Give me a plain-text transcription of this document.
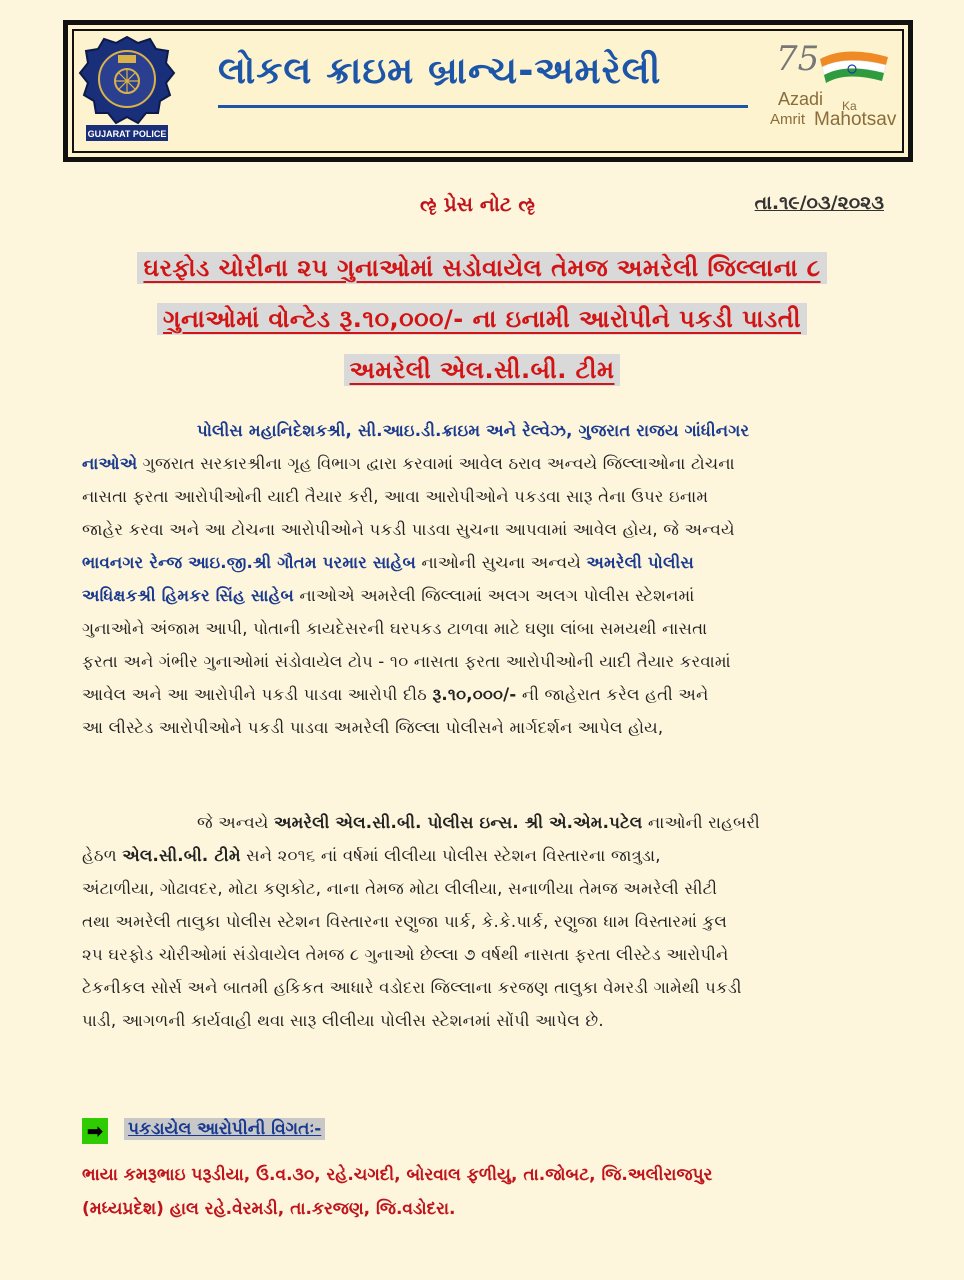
GUJARAT POLICE
લોકલ ક્રાઇમ બ્રાન્ચ-અમરેલી	75
Azadi Ka
Amrit Mahotsav
ૡ પ્રેસ નોટ ૡ	તા.૧૯/૦૩/૨૦૨૩
ઘરફોડ ચોરીના ૨૫ ગુનાઓમાં સડોવાયેલ તેમજ અમરેલી જિલ્લાના ૮
ગુનાઓમાં વોન્ટેડ રૂ.૧૦,૦૦૦/- ના ઇનામી આરોપીને પકડી પાડતી
અમરેલી એલ.સી.બી. ટીમ
પોલીસ મહાનિદેશકશ્રી, સી.આઇ.ડી.ક્રાઇમ અને રેલ્વેઝ, ગુજરાત રાજય ગાંધીનગર
નાઓએ ગુજરાત સરકારશ્રીના ગૃહ વિભાગ દ્વારા કરવામાં આવેલ ઠરાવ અન્વયે જિલ્લાઓના ટોચના
નાસતા ફરતા આરોપીઓની યાદી તૈયાર કરી, આવા આરોપીઓને પકડવા સારૂ તેના ઉપર ઇનામ
જાહેર કરવા અને આ ટોચના આરોપીઓને પકડી પાડવા સુચના આપવામાં આવેલ હોય, જે અન્વયે
ભાવનગર રેન્જ આઇ.જી.શ્રી ગૌતમ પરમાર સાહેબ નાઓની સુચના અન્વયે અમરેલી પોલીસ
અધિક્ષકશ્રી હિમકર સિંહ સાહેબ નાઓએ અમરેલી જિલ્લામાં અલગ અલગ પોલીસ સ્ટેશનમાં
ગુનાઓને અંજામ આપી, પોતાની કાયદેસરની ઘરપકડ ટાળવા માટે ઘણા લાંબા સમયથી નાસતા
ફરતા અને ગંભીર ગુનાઓમાં સંડોવાયેલ ટોપ - ૧૦ નાસતા ફરતા આરોપીઓની યાદી તૈયાર કરવામાં
આવેલ અને આ આરોપીને પકડી પાડવા આરોપી દીઠ રૂ.૧૦,૦૦૦/- ની જાહેરાત કરેલ હતી અને
આ લીસ્ટેડ આરોપીઓને પકડી પાડવા અમરેલી જિલ્લા પોલીસને માર્ગદર્શન આપેલ હોય,
જે અન્વયે અમરેલી એલ.સી.બી. પોલીસ ઇન્સ. શ્રી એ.એમ.પટેલ નાઓની રાહબરી
હેઠળ એલ.સી.બી. ટીમે સને ૨૦૧૬ નાં વર્ષમાં લીલીયા પોલીસ સ્ટેશન વિસ્તારના જાત્રુડા,
અંટાળીયા, ગોઢાવદર, મોટા કણકોટ, નાના તેમજ મોટા લીલીયા, સનાળીયા તેમજ અમરેલી સીટી
તથા અમરેલી તાલુકા પોલીસ સ્ટેશન વિસ્તારના રણુજા પાર્ક, કે.કે.પાર્ક, રણુજા ધામ વિસ્તારમાં કુલ
૨૫ ઘરફોડ ચોરીઓમાં સંડોવાયેલ તેમજ ૮ ગુનાઓ છેલ્લા ૭ વર્ષથી નાસતા ફરતા લીસ્ટેડ આરોપીને
ટેકનીકલ સોર્સ અને બાતમી હકિકત આધારે વડોદરા જિલ્લાના કરજણ તાલુકા વેમરડી ગામેથી પકડી
પાડી, આગળની કાર્યવાહી થવા સારૂ લીલીયા પોલીસ સ્ટેશનમાં સોંપી આપેલ છે.
➡ પકડાયેલ આરોપીની વિગતઃ-
ભાયા કમરૂભાઇ પરૂડીયા, ઉ.વ.૩૦, રહે.ચગદી, બોરવાલ ફળીયુ, તા.જોબટ, જિ.અલીરાજપુર
(મધ્યપ્રદેશ) હાલ રહે.વેરમડી, તા.કરજણ, જિ.વડોદરા.
